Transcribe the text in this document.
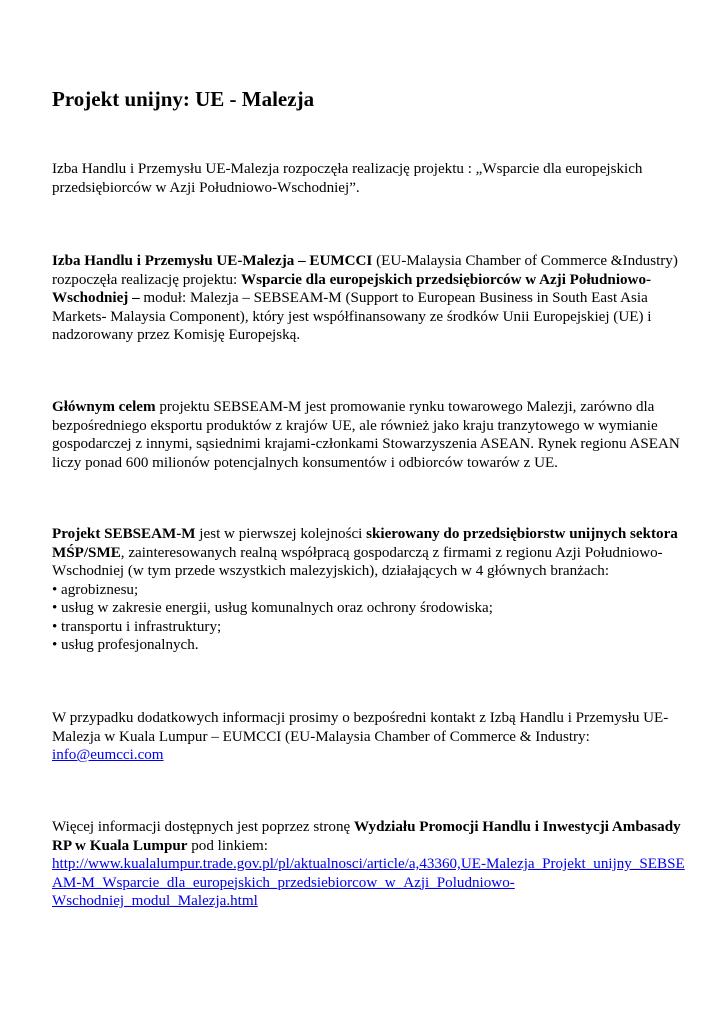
Projekt unijny: UE - Malezja
Izba Handlu i Przemysłu UE-Malezja rozpoczęła realizację projektu : „Wsparcie dla europejskich
przedsiębiorców w Azji Południowo-Wschodniej”.
Izba Handlu i Przemysłu UE-Malezja – EUMCCI (EU-Malaysia Chamber of Commerce &Industry)
rozpoczęła realizację projektu: Wsparcie dla europejskich przedsiębiorców w Azji Południowo-
Wschodniej – moduł: Malezja – SEBSEAM-M (Support to European Business in South East Asia
Markets- Malaysia Component), który jest współfinansowany ze środków Unii Europejskiej (UE) i
nadzorowany przez Komisję Europejską.
Głównym celem projektu SEBSEAM-M jest promowanie rynku towarowego Malezji, zarówno dla
bezpośredniego eksportu produktów z krajów UE, ale również jako kraju tranzytowego w wymianie
gospodarczej z innymi, sąsiednimi krajami-członkami Stowarzyszenia ASEAN. Rynek regionu ASEAN
liczy ponad 600 milionów potencjalnych konsumentów i odbiorców towarów z UE.
Projekt SEBSEAM-M jest w pierwszej kolejności skierowany do przedsiębiorstw unijnych sektora
MŚP/SME, zainteresowanych realną współpracą gospodarczą z firmami z regionu Azji Południowo-
Wschodniej (w tym przede wszystkich malezyjskich), działających w 4 głównych branżach:
• agrobiznesu;
• usług w zakresie energii, usług komunalnych oraz ochrony środowiska;
• transportu i infrastruktury;
• usług profesjonalnych.
W przypadku dodatkowych informacji prosimy o bezpośredni kontakt z Izbą Handlu i Przemysłu UE-
Malezja w Kuala Lumpur – EUMCCI (EU-Malaysia Chamber of Commerce & Industry:
info@eumcci.com
Więcej informacji dostępnych jest poprzez stronę Wydziału Promocji Handlu i Inwestycji Ambasady
RP w Kuala Lumpur pod linkiem:
http://www.kualalumpur.trade.gov.pl/pl/aktualnosci/article/a,43360,UE-Malezja_Projekt_unijny_SEBSE
AM-M_Wsparcie_dla_europejskich_przedsiebiorcow_w_Azji_Poludniowo-
Wschodniej_modul_Malezja.html
